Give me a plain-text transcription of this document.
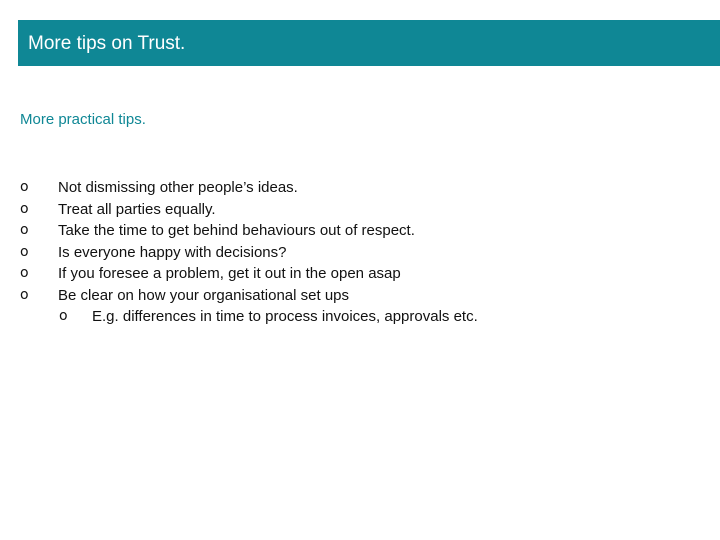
More tips on Trust.
More practical tips.
o	Not dismissing other people’s ideas.
o	Treat all parties equally.
o	Take the time to get behind behaviours out of respect.
o	Is everyone happy with decisions?
o	If you foresee a problem, get it out in the open asap
o	Be clear on how your organisational set ups
o E.g. differences in time to process invoices, approvals etc.
